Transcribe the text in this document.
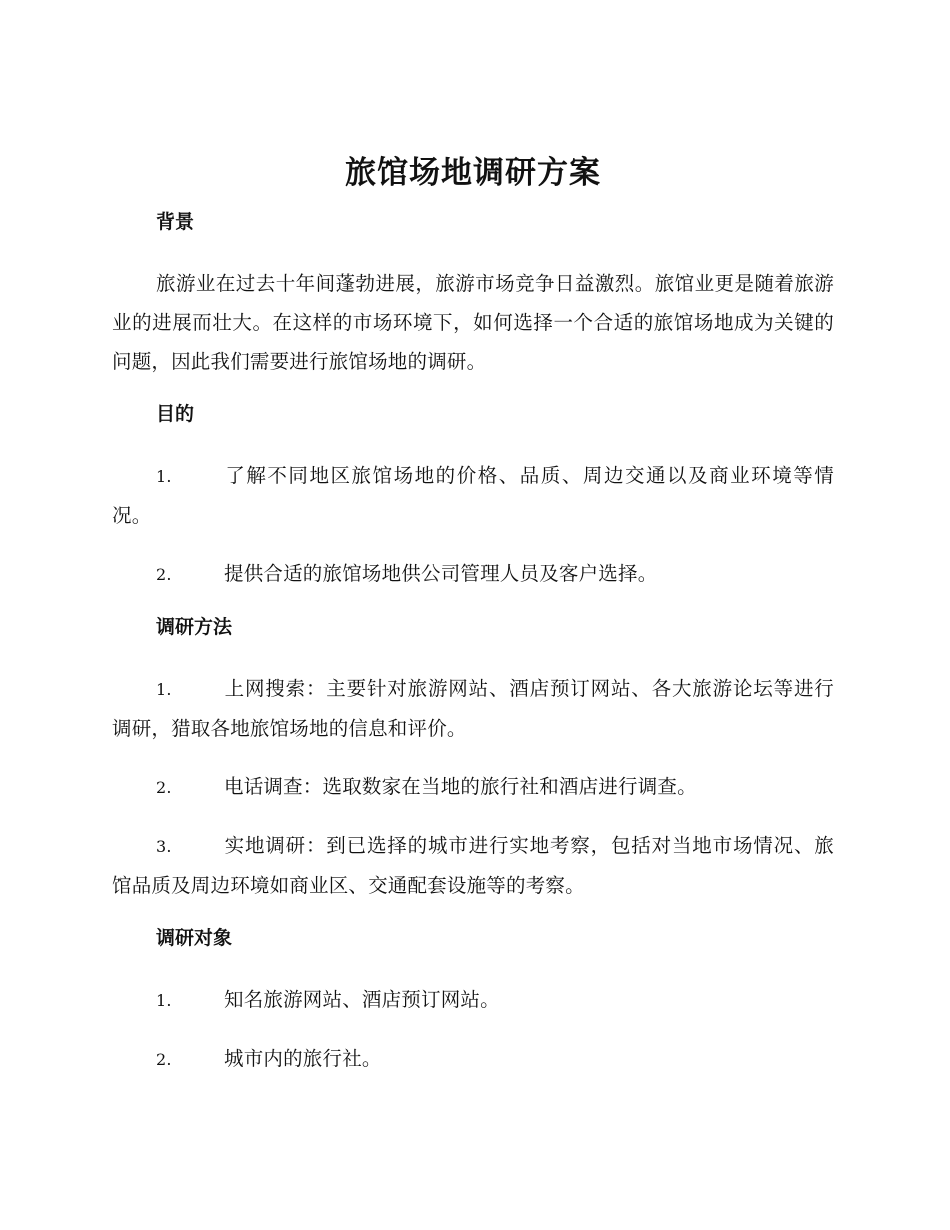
旅馆场地调研方案
背景

旅游业在过去十年间蓬勃进展，旅游市场竞争日益激烈。旅馆业更是随着旅游业的进展而壮大。在这样的市场环境下，如何选择一个合适的旅馆场地成为关键的问题，因此我们需要进行旅馆场地的调研。

目的

1.	了解不同地区旅馆场地的价格、品质、周边交通以及商业环境等情况。

2.	提供合适的旅馆场地供公司管理人员及客户选择。

调研方法

1.	上网搜索：主要针对旅游网站、酒店预订网站、各大旅游论坛等进行调研，猎取各地旅馆场地的信息和评价。

2.	电话调查：选取数家在当地的旅行社和酒店进行调查。

3.	实地调研：到已选择的城市进行实地考察，包括对当地市场情况、旅馆品质及周边环境如商业区、交通配套设施等的考察。

调研对象

1.	知名旅游网站、酒店预订网站。

2.	城市内的旅行社。
